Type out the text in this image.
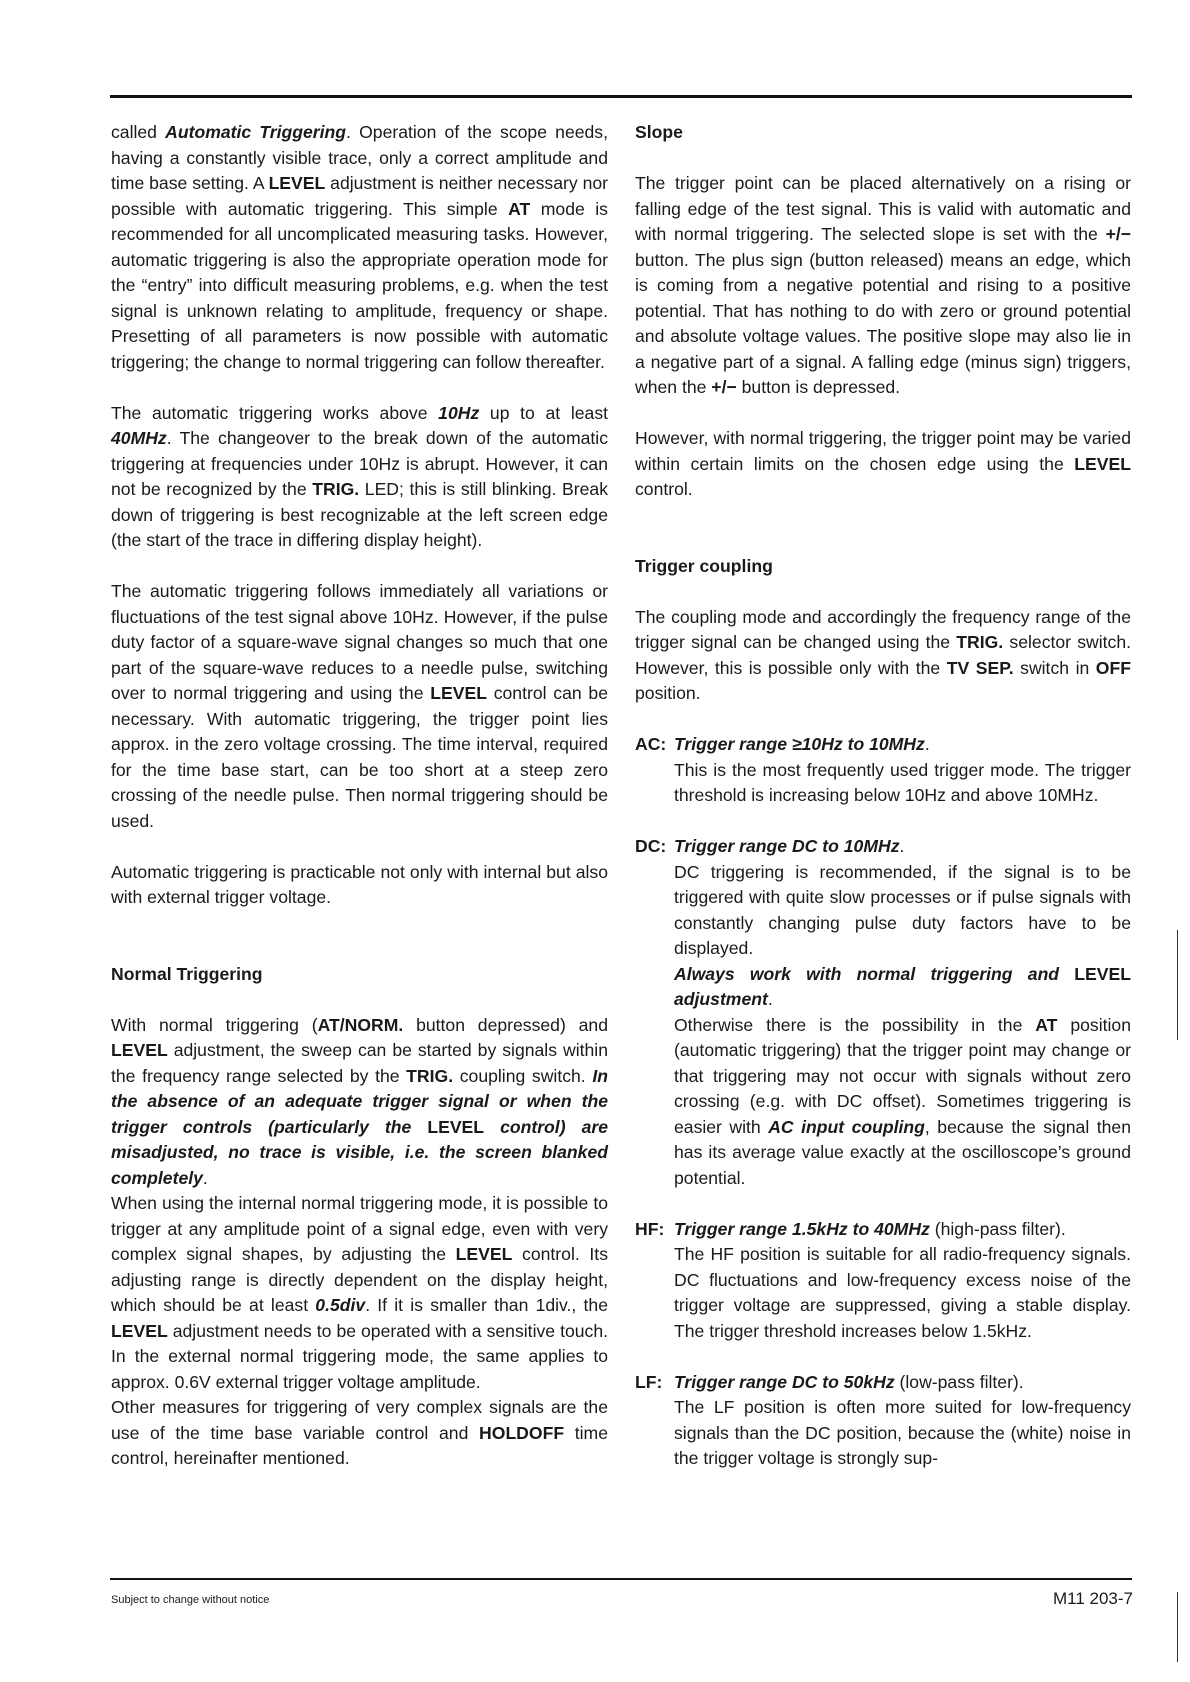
called Automatic Triggering. Operation of the scope needs, having a constantly visible trace, only a correct amplitude and time base setting. A LEVEL adjustment is neither necessary nor possible with automatic triggering. This simple AT mode is recommended for all uncomplicated measuring tasks. However, automatic triggering is also the appropriate operation mode for the “entry” into difficult measuring problems, e.g. when the test signal is unknown relating to amplitude, frequency or shape. Presetting of all parameters is now possible with automatic triggering; the change to normal triggering can follow thereafter.

The automatic triggering works above 10Hz up to at least 40MHz. The changeover to the break down of the automatic triggering at frequencies under 10Hz is abrupt. However, it can not be recognized by the TRIG. LED; this is still blinking. Break down of triggering is best recognizable at the left screen edge (the start of the trace in differing display height).

The automatic triggering follows immediately all variations or fluctuations of the test signal above 10Hz. However, if the pulse duty factor of a square-wave signal changes so much that one part of the square-wave reduces to a needle pulse, switching over to normal triggering and using the LEVEL control can be necessary. With automatic triggering, the trigger point lies approx. in the zero voltage crossing. The time interval, required for the time base start, can be too short at a steep zero crossing of the needle pulse. Then normal triggering should be used.

Automatic triggering is practicable not only with internal but also with external trigger voltage.

Normal Triggering

With normal triggering (AT/NORM. button depressed) and LEVEL adjustment, the sweep can be started by signals within the frequency range selected by the TRIG. coupling switch. In the absence of an adequate trigger signal or when the trigger controls (particularly the LEVEL control) are misadjusted, no trace is visible, i.e. the screen blanked completely.

When using the internal normal triggering mode, it is possible to trigger at any amplitude point of a signal edge, even with very complex signal shapes, by adjusting the LEVEL control. Its adjusting range is directly dependent on the display height, which should be at least 0.5div. If it is smaller than 1div., the LEVEL adjustment needs to be operated with a sensitive touch. In the external normal triggering mode, the same applies to approx. 0.6V external trigger voltage amplitude.

Other measures for triggering of very complex signals are the use of the time base variable control and HOLDOFF time control, hereinafter mentioned.

Slope

The trigger point can be placed alternatively on a rising or falling edge of the test signal. This is valid with automatic and with normal triggering. The selected slope is set with the +/− button. The plus sign (button released) means an edge, which is coming from a negative potential and rising to a positive potential. That has nothing to do with zero or ground potential and absolute voltage values. The positive slope may also lie in a negative part of a signal. A falling edge (minus sign) triggers, when the +/− button is depressed.

However, with normal triggering, the trigger point may be varied within certain limits on the chosen edge using the LEVEL control.

Trigger coupling

The coupling mode and accordingly the frequency range of the trigger signal can be changed using the TRIG. selector switch. However, this is possible only with the TV SEP. switch in OFF position.

AC: Trigger range ≥10Hz to 10MHz.

This is the most frequently used trigger mode. The trigger threshold is increasing below 10Hz and above 10MHz.

DC: Trigger range DC to 10MHz.

DC triggering is recommended, if the signal is to be triggered with quite slow processes or if pulse signals with constantly changing pulse duty factors have to be displayed.

Always work with normal triggering and LEVEL adjustment.

Otherwise there is the possibility in the AT position (automatic triggering) that the trigger point may change or that triggering may not occur with signals without zero crossing (e.g. with DC offset). Sometimes triggering is easier with AC input coupling, because the signal then has its average value exactly at the oscilloscope’s ground potential.

HF: Trigger range 1.5kHz to 40MHz (high-pass filter).

The HF position is suitable for all radio-frequency signals. DC fluctuations and low-frequency excess noise of the trigger voltage are suppressed, giving a stable display. The trigger threshold increases below 1.5kHz.

LF: Trigger range DC to 50kHz (low-pass filter).

The LF position is often more suited for low-frequency signals than the DC position, because the (white) noise in the trigger voltage is strongly sup-

Subject to change without notice	M11 203-7
